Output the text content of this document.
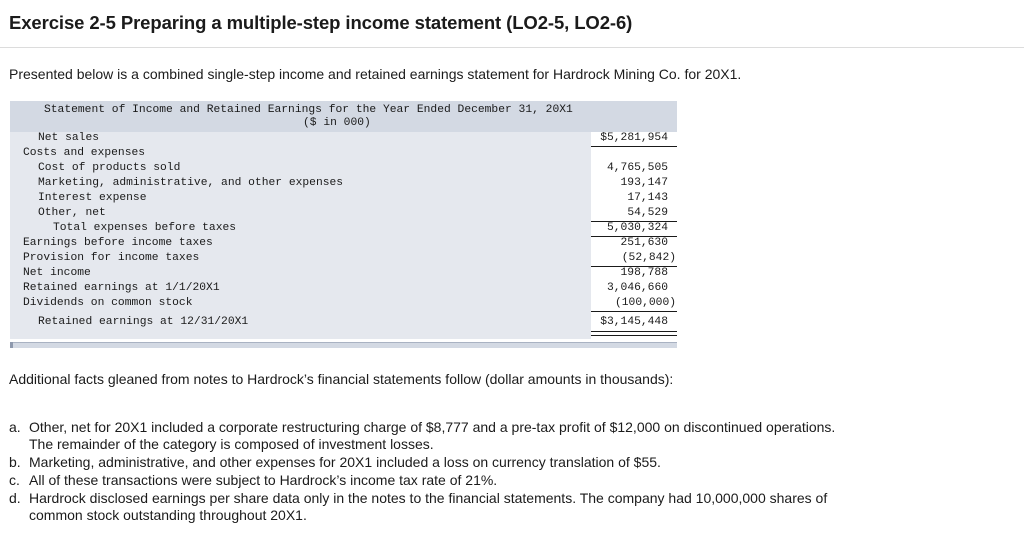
Exercise 2-5 Preparing a multiple-step income statement (LO2-5, LO2-6)

Presented below is a combined single-step income and retained earnings statement for Hardrock Mining Co. for 20X1.

Statement of Income and Retained Earnings for the Year Ended December 31, 20X1
($ in 000)
Net sales	$5,281,954
Costs and expenses
Cost of products sold	4,765,505
Marketing, administrative, and other expenses	193,147
Interest expense	17,143
Other, net	54,529
Total expenses before taxes	5,030,324
Earnings before income taxes	251,630
Provision for income taxes	(52,842)
Net income	198,788
Retained earnings at 1/1/20X1	3,046,660
Dividends on common stock	(100,000)
Retained earnings at 12/31/20X1	$3,145,448

Additional facts gleaned from notes to Hardrock’s financial statements follow (dollar amounts in thousands):

a. Other, net for 20X1 included a corporate restructuring charge of $8,777 and a pre-tax profit of $12,000 on discontinued operations.
The remainder of the category is composed of investment losses.
b. Marketing, administrative, and other expenses for 20X1 included a loss on currency translation of $55.
c. All of these transactions were subject to Hardrock’s income tax rate of 21%.
d. Hardrock disclosed earnings per share data only in the notes to the financial statements. The company had 10,000,000 shares of
common stock outstanding throughout 20X1.
